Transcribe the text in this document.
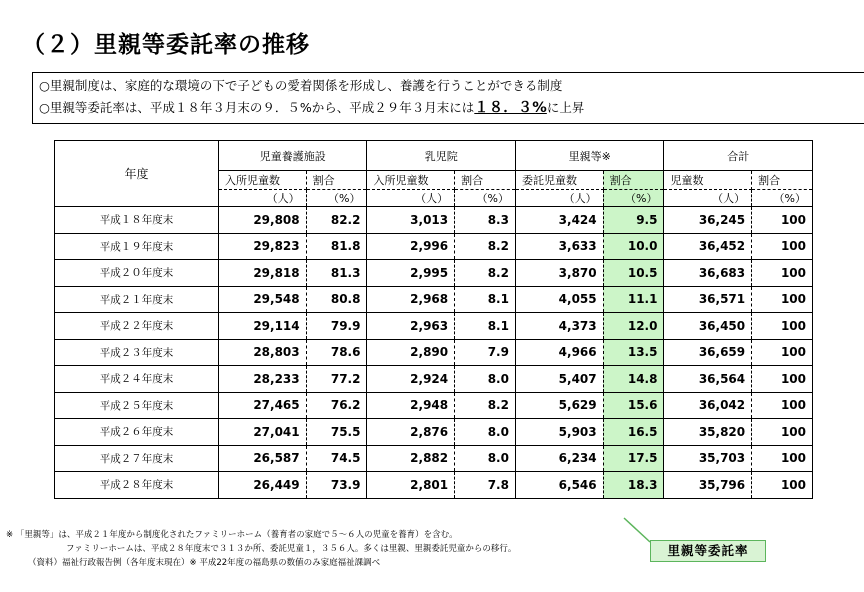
（２）里親等委託率の推移
○里親制度は、家庭的な環境の下で子どもの愛着関係を形成し、養護を行うことができる制度
○里親等委託率は、平成１８年３月末の９．５%から、平成２９年３月末には１８．３%に上昇
年度	児童養護施設		乳児院		里親等※		合計	
	入所児童数	割合	入所児童数	割合	委託児童数	割合	児童数	割合
	（人）	（%）	（人）	（%）	（人）	（%）	（人）	（%）
平成１８年度末	29,808	82.2	3,013	8.3	3,424	9.5	36,245	100
平成１９年度末	29,823	81.8	2,996	8.2	3,633	10.0	36,452	100
平成２０年度末	29,818	81.3	2,995	8.2	3,870	10.5	36,683	100
平成２１年度末	29,548	80.8	2,968	8.1	4,055	11.1	36,571	100
平成２２年度末	29,114	79.9	2,963	8.1	4,373	12.0	36,450	100
平成２３年度末	28,803	78.6	2,890	7.9	4,966	13.5	36,659	100
平成２４年度末	28,233	77.2	2,924	8.0	5,407	14.8	36,564	100
平成２５年度末	27,465	76.2	2,948	8.2	5,629	15.6	36,042	100
平成２６年度末	27,041	75.5	2,876	8.0	5,903	16.5	35,820	100
平成２７年度末	26,587	74.5	2,882	8.0	6,234	17.5	35,703	100
平成２８年度末	26,449	73.9	2,801	7.8	6,546	18.3	35,796	100
里親等委託率
※ 「里親等」は、平成２１年度から制度化されたファミリーホーム（養育者の家庭で５～６人の児童を養育）を含む。
ファミリーホームは、平成２８年度末で３１３か所、委託児童１，３５６人。多くは里親、里親委託児童からの移行。
（資料）福祉行政報告例（各年度末現在）※ 平成22年度の福島県の数値のみ家庭福祉課調べ
